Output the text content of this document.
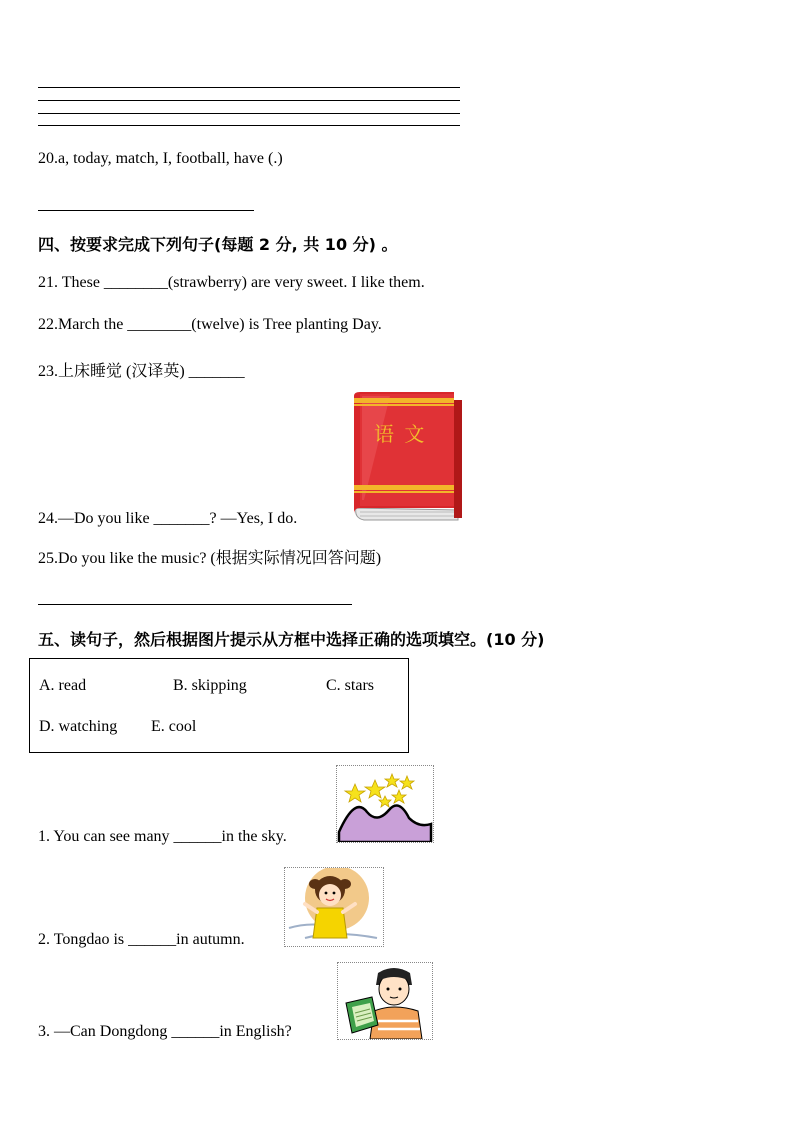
20.a, today, match, I, football, have (.)
四、按要求完成下列句子(每题 2 分, 共 10 分) 。
21. These ________(strawberry) are very sweet. I like them.
22.March the ________(twelve) is Tree planting Day.
23.上床睡觉 (汉译英) _______
语 文
24.—Do you like _______? —Yes, I do.
25.Do you like the music? (根据实际情况回答问题)
五、读句子，然后根据图片提示从方框中选择正确的选项填空。(10 分)
A. read	B. skipping	C. stars
D. watching E. cool
1. You can see many ______in the sky.
2. Tongdao is ______in autumn.
3. —Can Dongdong ______in English?
